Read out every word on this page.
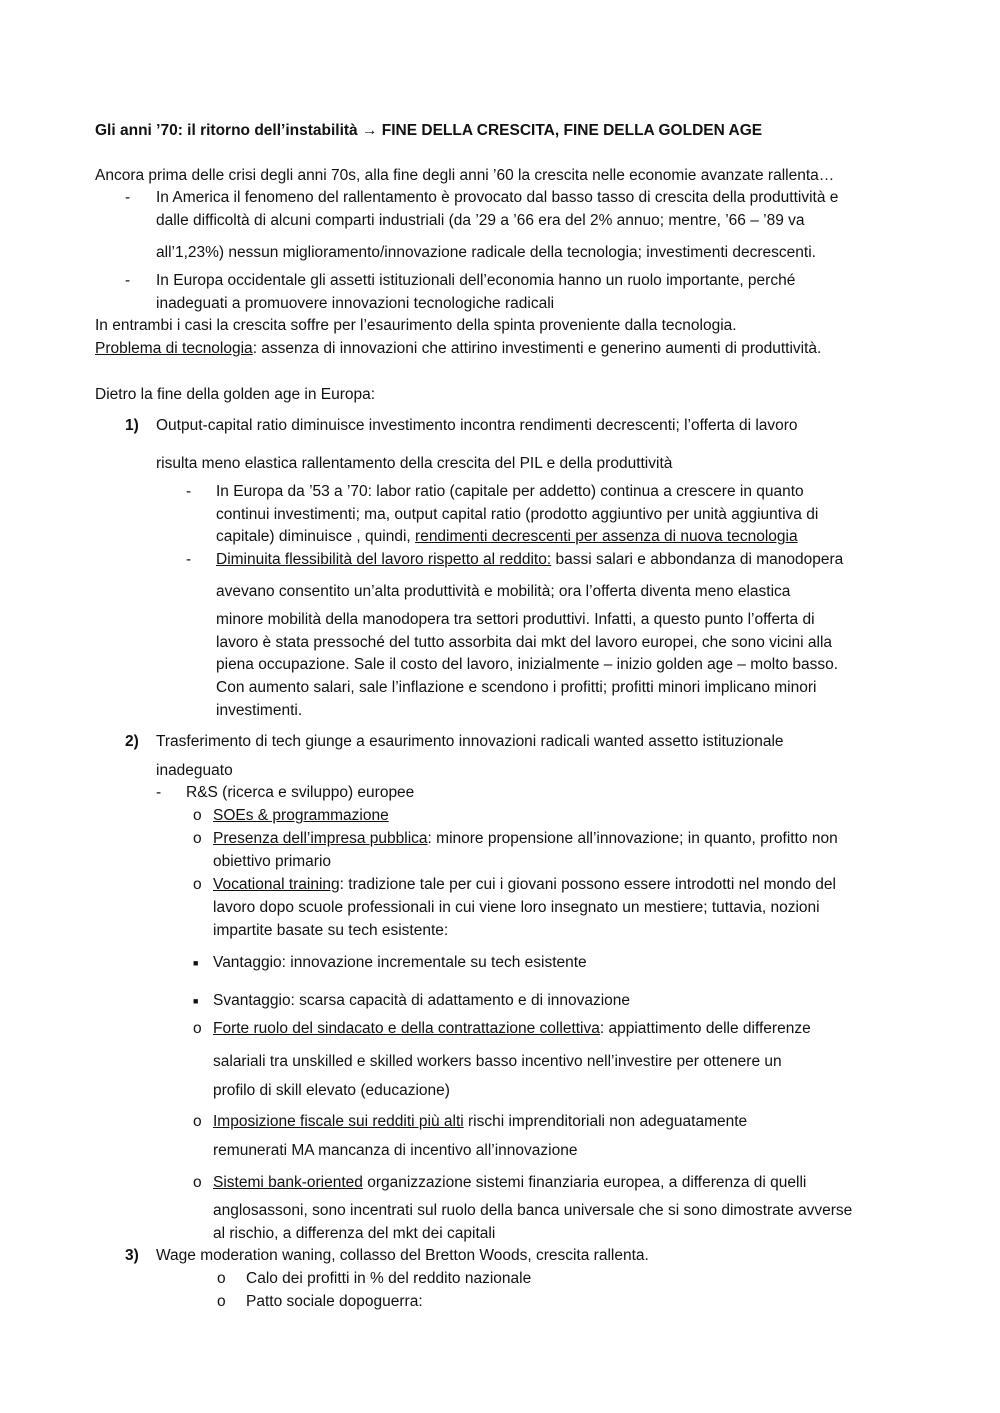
Gli anni ’70: il ritorno dell’instabilità → FINE DELLA CRESCITA, FINE DELLA GOLDEN AGE
Ancora prima delle crisi degli anni 70s, alla fine degli anni ’60 la crescita nelle economie avanzate rallenta…
- In America il fenomeno del rallentamento è provocato dal basso tasso di crescita della produttività e
dalle difficoltà di alcuni comparti industriali (da ’29 a ’66 era del 2% annuo; mentre, ’66 – ’89 va
all’1,23%) nessun miglioramento/innovazione radicale della tecnologia; investimenti decrescenti.
- In Europa occidentale gli assetti istituzionali dell’economia hanno un ruolo importante, perché
inadeguati a promuovere innovazioni tecnologiche radicali
In entrambi i casi la crescita soffre per l’esaurimento della spinta proveniente dalla tecnologia.
Problema di tecnologia: assenza di innovazioni che attirino investimenti e generino aumenti di produttività.
Dietro la fine della golden age in Europa:
1) Output-capital ratio diminuisce investimento incontra rendimenti decrescenti; l’offerta di lavoro
risulta meno elastica rallentamento della crescita del PIL e della produttività
- In Europa da ’53 a ’70: labor ratio (capitale per addetto) continua a crescere in quanto
continui investimenti; ma, output capital ratio (prodotto aggiuntivo per unità aggiuntiva di
capitale) diminuisce , quindi, rendimenti decrescenti per assenza di nuova tecnologia
- Diminuita flessibilità del lavoro rispetto al reddito: bassi salari e abbondanza di manodopera
avevano consentito un’alta produttività e mobilità; ora l’offerta diventa meno elastica
minore mobilità della manodopera tra settori produttivi. Infatti, a questo punto l’offerta di
lavoro è stata pressoché del tutto assorbita dai mkt del lavoro europei, che sono vicini alla
piena occupazione. Sale il costo del lavoro, inizialmente – inizio golden age – molto basso.
Con aumento salari, sale l’inflazione e scendono i profitti; profitti minori implicano minori
investimenti.
2) Trasferimento di tech giunge a esaurimento innovazioni radicali wanted assetto istituzionale
inadeguato
- R&S (ricerca e sviluppo) europee
o SOEs & programmazione
o Presenza dell’impresa pubblica: minore propensione all’innovazione; in quanto, profitto non
obiettivo primario
o Vocational training: tradizione tale per cui i giovani possono essere introdotti nel mondo del
lavoro dopo scuole professionali in cui viene loro insegnato un mestiere; tuttavia, nozioni
impartite basate su tech esistente:
■ Vantaggio: innovazione incrementale su tech esistente
■ Svantaggio: scarsa capacità di adattamento e di innovazione
o Forte ruolo del sindacato e della contrattazione collettiva: appiattimento delle differenze
salariali tra unskilled e skilled workers basso incentivo nell’investire per ottenere un
profilo di skill elevato (educazione)
o Imposizione fiscale sui redditi più alti rischi imprenditoriali non adeguatamente
remunerati MA mancanza di incentivo all’innovazione
o Sistemi bank-oriented organizzazione sistemi finanziaria europea, a differenza di quelli
anglosassoni, sono incentrati sul ruolo della banca universale che si sono dimostrate avverse
al rischio, a differenza del mkt dei capitali
3) Wage moderation waning, collasso del Bretton Woods, crescita rallenta.
o Calo dei profitti in % del reddito nazionale
o Patto sociale dopoguerra:
